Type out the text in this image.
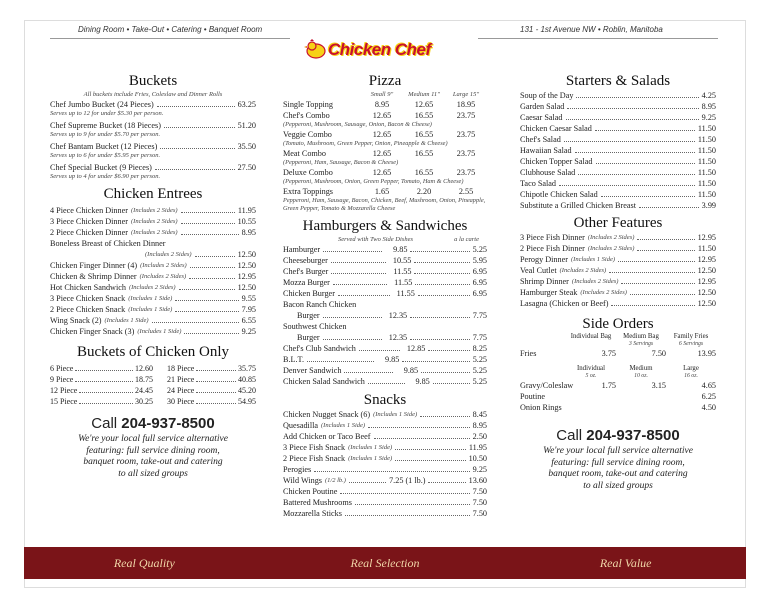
Dining Room • Take-Out • Catering • Banquet Room	131 - 1st Avenue NW • Roblin, Manitoba
Chicken Chef
Buckets
All buckets include Fries, Coleslaw and Dinner Rolls
Chef Jumbo Bucket (24 Pieces)	63.25
Serves up to 12 for under $5.30 per person.
Chef Supreme Bucket (18 Pieces)	51.20
Serves up to 9 for under $5.70 per person.
Chef Bantam Bucket (12 Pieces)	35.50
Serves up to 6 for under $5.95 per person.
Chef Special Bucket (9 Pieces)	27.50
Serves up to 4 for under $6.90 per person.
Chicken Entrees
4 Piece Chicken Dinner (Includes 2 Sides)	11.95
3 Piece Chicken Dinner (Includes 2 Sides)	10.55
2 Piece Chicken Dinner (Includes 2 Sides)	8.95
Boneless Breast of Chicken Dinner
(Includes 2 Sides)	12.50
Chicken Finger Dinner (4) (Includes 2 Sides)	12.50
Chicken & Shrimp Dinner (Includes 2 Sides)	12.95
Hot Chicken Sandwich (Includes 2 Sides)	12.50
3 Piece Chicken Snack (Includes 1 Side)	9.55
2 Piece Chicken Snack (Includes 1 Side)	7.95
Wing Snack (2) (Includes 1 Side)	6.55
Chicken Finger Snack (3) (Includes 1 Side)	9.25
Buckets of Chicken Only
6 Piece	12.60 18 Piece	35.75
9 Piece	18.75 21 Piece	40.85
12 Piece	24.45 24 Piece	45.20
15 Piece	30.25 30 Piece	54.95
Call 204-937-8500
We're your local full service alternative
featuring: full service dining room,
banquet room, take-out and catering
to all sized groups
Pizza
Small 9"	Medium 11"	Large 15"
Single Topping	8.95	12.65	18.95
Chef's Combo	12.65	16.55	23.75
(Pepperoni, Mushroom, Sausage, Onion, Bacon & Cheese)
Veggie Combo	12.65	16.55	23.75
(Tomato, Mushroom, Green Pepper, Onion, Pineapple & Cheese)
Meat Combo	12.65	16.55	23.75
(Pepperoni, Ham, Sausage, Bacon & Cheese)
Deluxe Combo	12.65	16.55	23.75
(Pepperoni, Mushroom, Onion, Green Pepper, Tomato, Ham & Cheese)
Extra Toppings	1.65	2.20	2.55
Pepperoni, Ham, Sausage, Bacon, Chicken, Beef, Mushroom, Onion, Pineapple, Green Pepper, Tomato & Mozzarella Cheese
Hamburgers & Sandwiches
Served with Two Side Dishes	a la carte
Hamburger	9.85	5.25
Cheeseburger	10.55	5.95
Chef's Burger	11.55	6.95
Mozza Burger	11.55	6.95
Chicken Burger	11.55	6.95
Bacon Ranch Chicken
Burger	12.35	7.75
Southwest Chicken
Burger	12.35	7.75
Chef's Club Sandwich	12.85	8.25
B.L.T.	9.85	5.25
Denver Sandwich	9.85	5.25
Chicken Salad Sandwich	9.85	5.25
Snacks
Chicken Nugget Snack (6) (Includes 1 Side)	8.45
Quesadilla (Includes 1 Side)	8.95
Add Chicken or Taco Beef	2.50
3 Piece Fish Snack (Includes 1 Side)	11.95
2 Piece Fish Snack (Includes 1 Side)	10.50
Perogies	9.25
Wild Wings (1/2 lb.)	7.25 (1 lb.)	13.60
Chicken Poutine	7.50
Battered Mushrooms	7.50
Mozzarella Sticks	7.50
Starters & Salads
Soup of the Day	4.25
Garden Salad	8.95
Caesar Salad	9.25
Chicken Caesar Salad	11.50
Chef's Salad	11.50
Hawaiian Salad	11.50
Chicken Topper Salad	11.50
Clubhouse Salad	11.50
Taco Salad	11.50
Chipotle Chicken Salad	11.50
Substitute a Grilled Chicken Breast	3.99
Other Features
3 Piece Fish Dinner (Includes 2 Sides)	12.95
2 Piece Fish Dinner (Includes 2 Sides)	11.50
Perogy Dinner (Includes 1 Side)	12.95
Veal Cutlet (Includes 2 Sides)	12.50
Shrimp Dinner (Includes 2 Sides)	12.95
Hamburger Steak (Includes 2 Sides)	12.50
Lasagna (Chicken or Beef)	12.50
Side Orders
Individual Bag	Medium Bag	Family Fries
3 Servings	6 Servings
Fries	3.75	7.50	13.95
Individual	Medium	Large
5 oz.	10 oz.	16 oz.
Gravy/Coleslaw	1.75	3.15	4.65
Poutine	6.25
Onion Rings	4.50
Call 204-937-8500
We're your local full service alternative
featuring: full service dining room,
banquet room, take-out and catering
to all sized groups
Real Quality	Real Selection	Real Value
